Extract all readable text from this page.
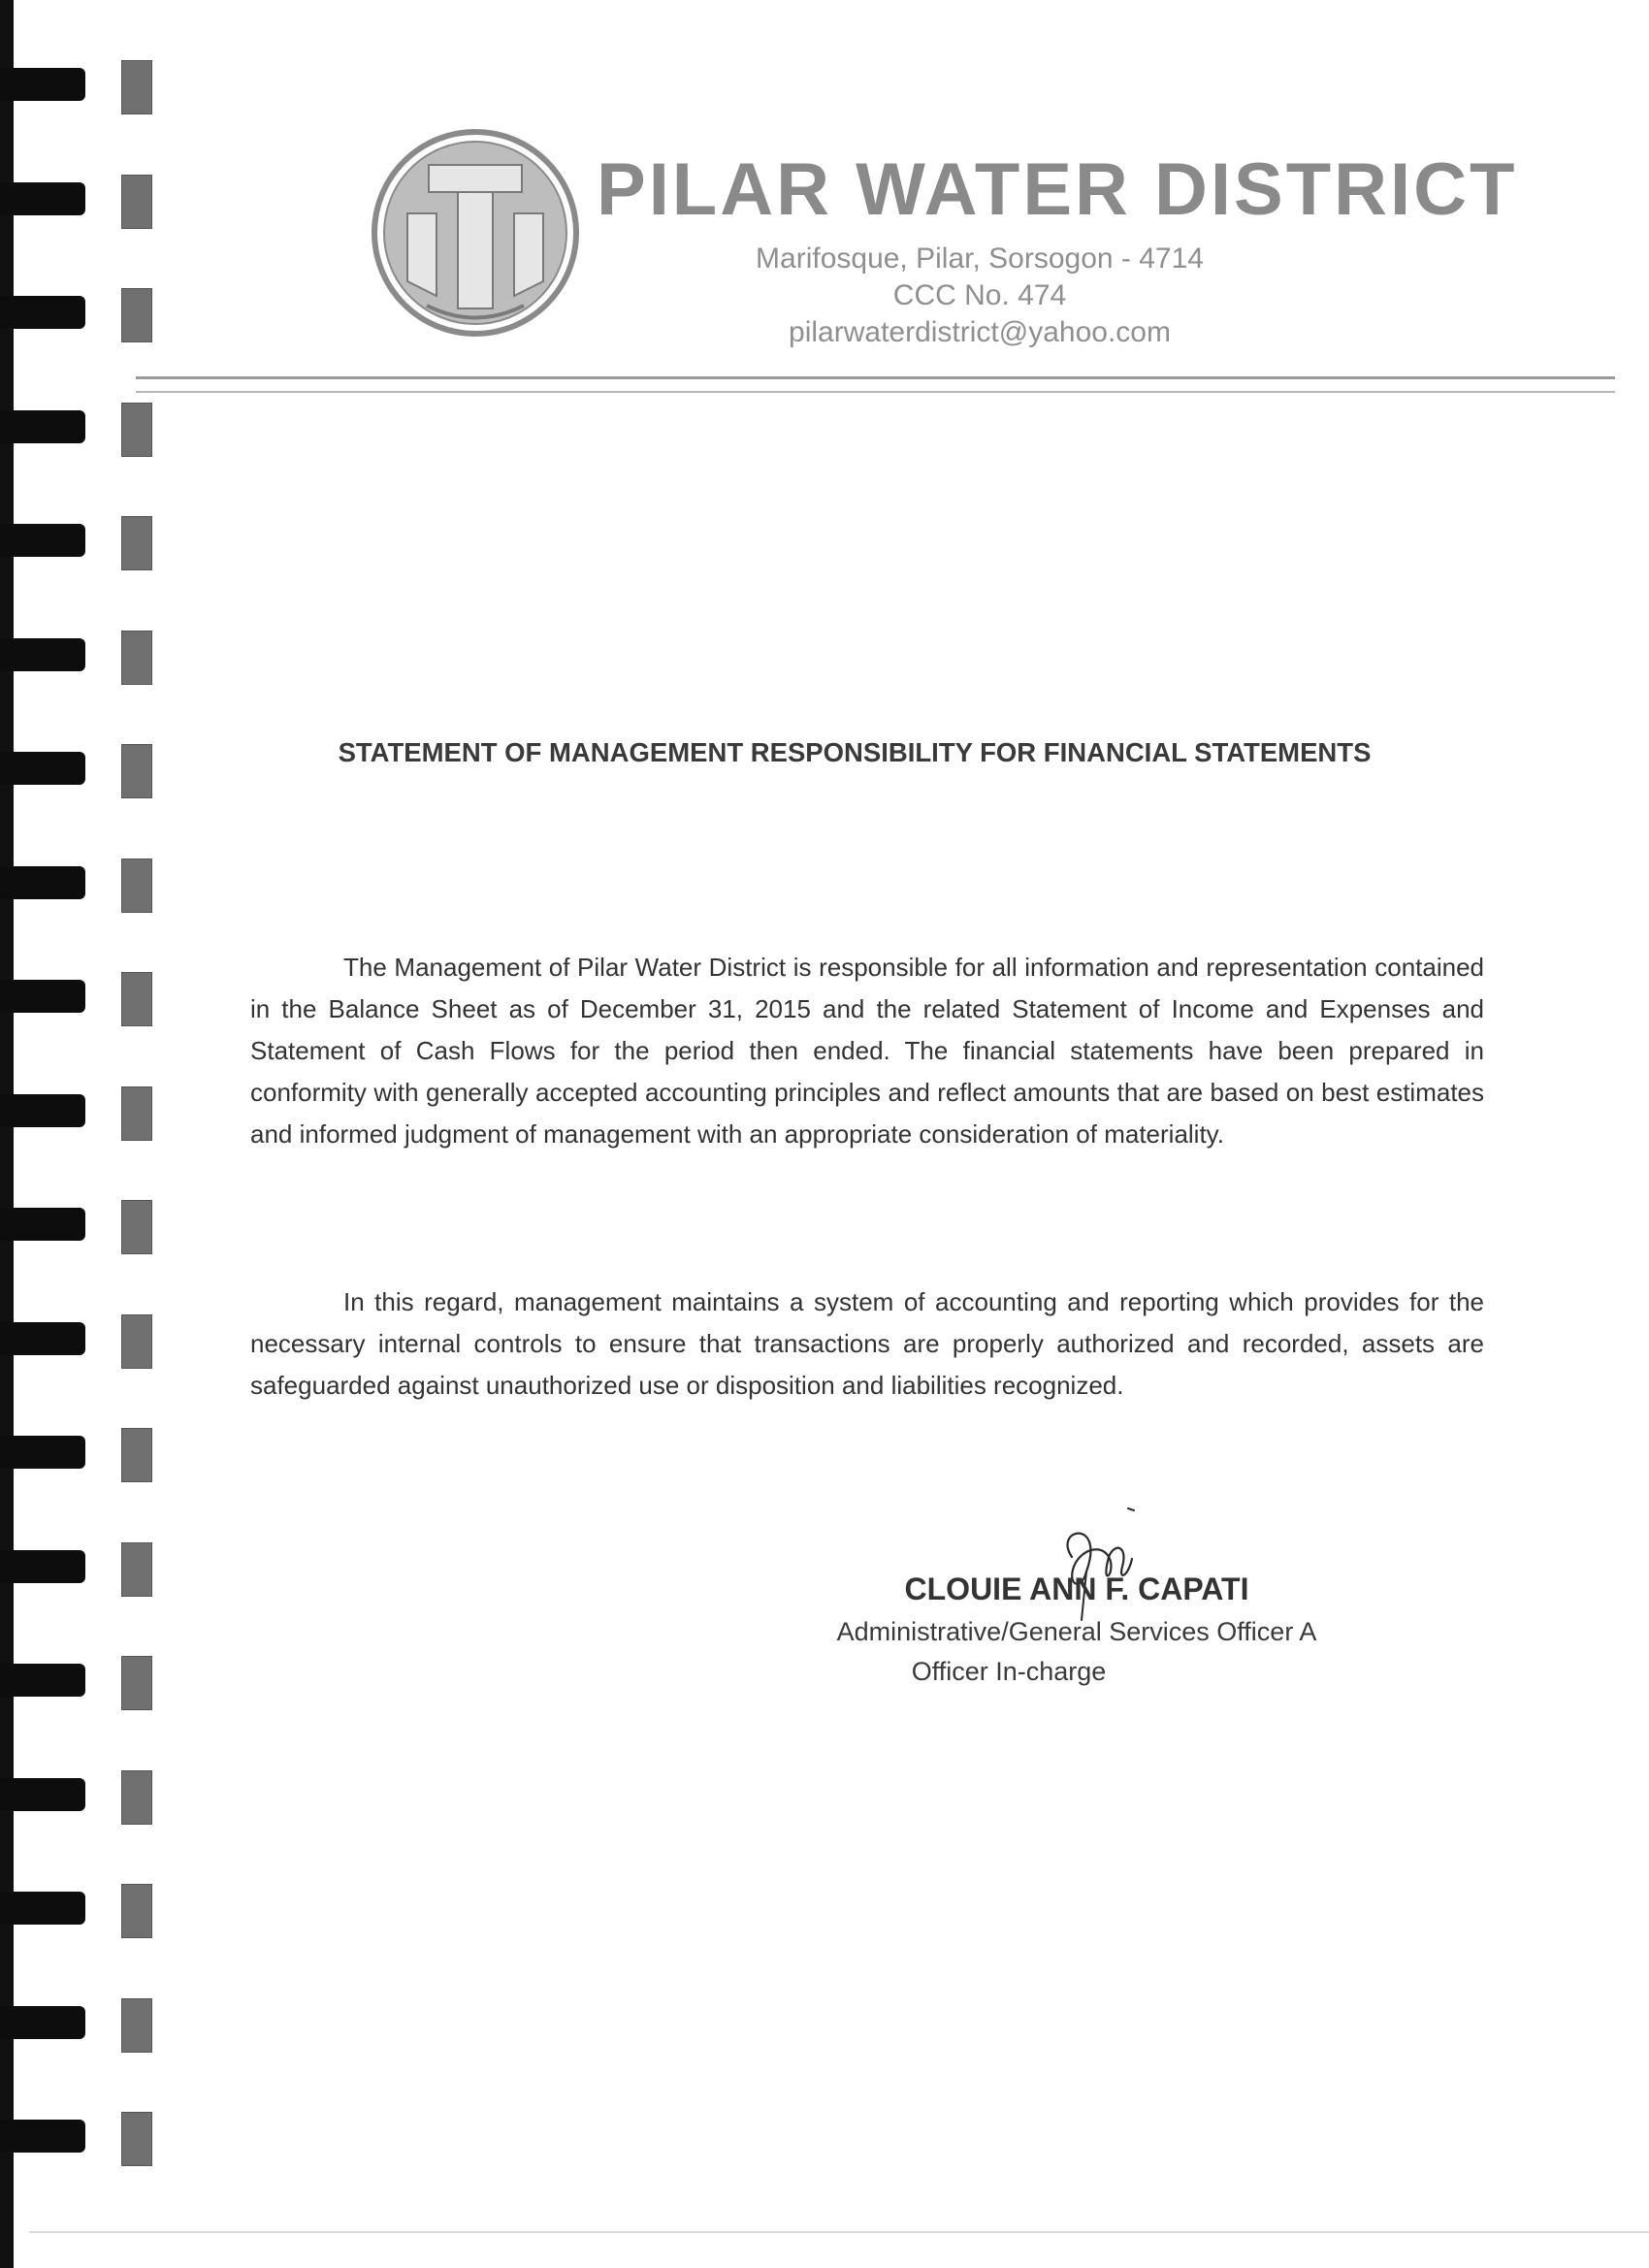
PILAR WATER DISTRICT
Marifosque, Pilar, Sorsogon - 4714
CCC No. 474
pilarwaterdistrict@yahoo.com
STATEMENT OF MANAGEMENT RESPONSIBILITY FOR FINANCIAL STATEMENTS

The Management of Pilar Water District is responsible for all information and representation contained in the Balance Sheet as of December 31, 2015 and the related Statement of Income and Expenses and Statement of Cash Flows for the period then ended. The financial statements have been prepared in conformity with generally accepted accounting principles and reflect amounts that are based on best estimates and informed judgment of management with an appropriate consideration of materiality.

In this regard, management maintains a system of accounting and reporting which provides for the necessary internal controls to ensure that transactions are properly authorized and recorded, assets are safeguarded against unauthorized use or disposition and liabilities recognized.

CLOUIE ANN F. CAPATI
Administrative/General Services Officer A
Officer In-charge
